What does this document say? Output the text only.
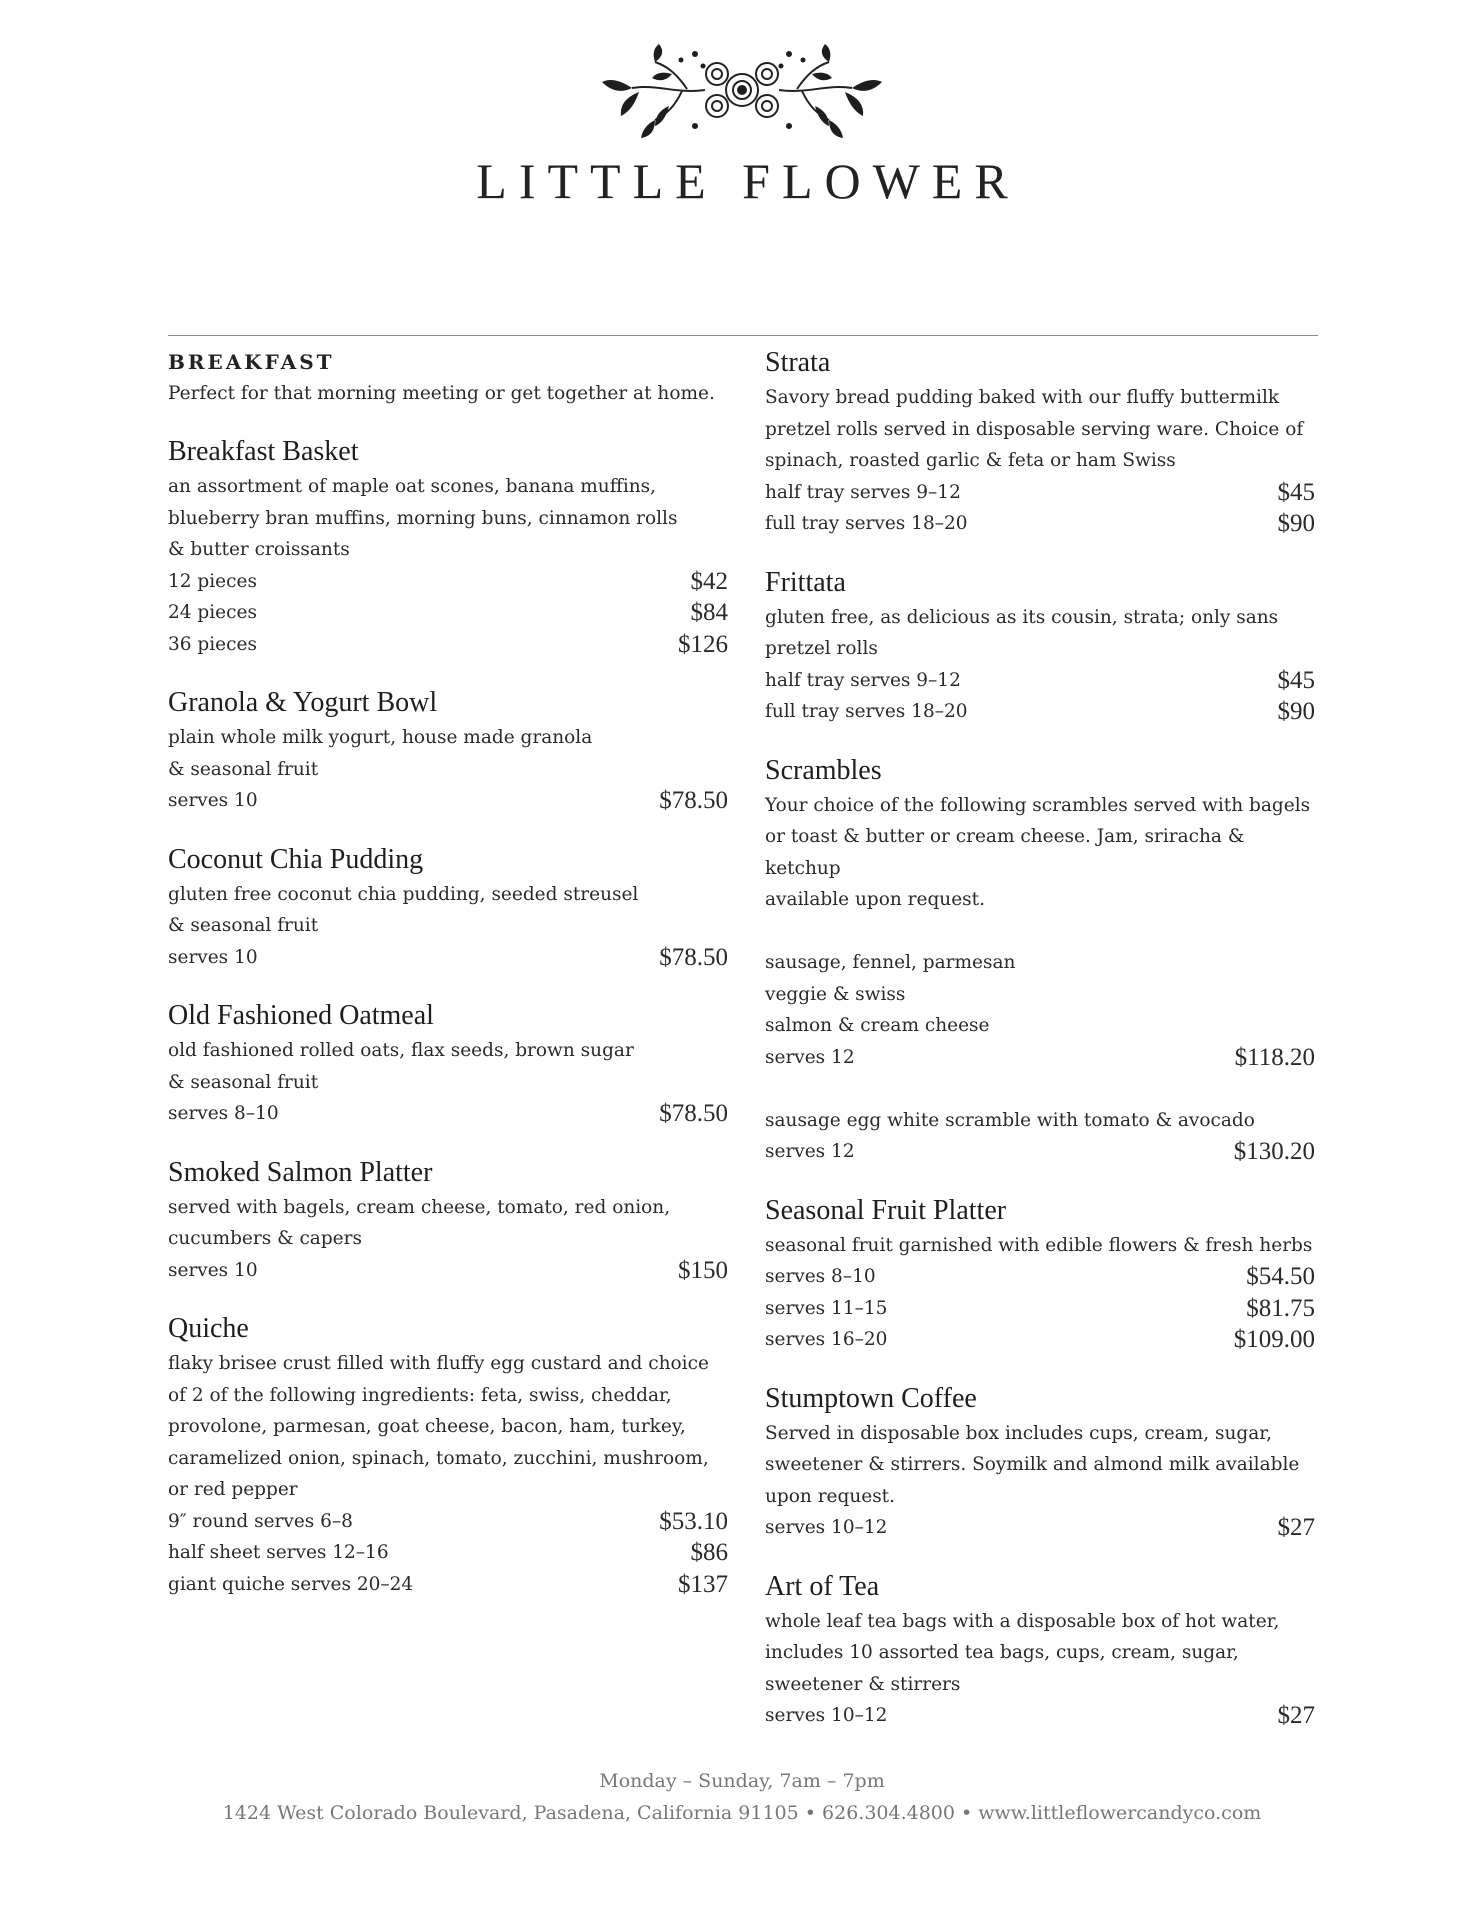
LITTLE FLOWER
BREAKFAST

Perfect for that morning meeting or get together at home.

Breakfast Basket
an assortment of maple oat scones, banana muffins,
blueberry bran muffins, morning buns, cinnamon rolls
& butter croissants
12 pieces	$42
24 pieces	$84
36 pieces	$126
Granola & Yogurt Bowl
plain whole milk yogurt, house made granola
& seasonal fruit
serves 10	$78.50
Coconut Chia Pudding
gluten free coconut chia pudding, seeded streusel
& seasonal fruit
serves 10	$78.50
Old Fashioned Oatmeal
old fashioned rolled oats, flax seeds, brown sugar
& seasonal fruit
serves 8–10	$78.50
Smoked Salmon Platter
served with bagels, cream cheese, tomato, red onion,
cucumbers & capers
serves 10	$150
Quiche
flaky brisee crust filled with fluffy egg custard and choice
of 2 of the following ingredients: feta, swiss, cheddar,
provolone, parmesan, goat cheese, bacon, ham, turkey,
caramelized onion, spinach, tomato, zucchini, mushroom,
or red pepper
9″ round serves 6–8	$53.10
half sheet serves 12–16	$86
giant quiche serves 20–24	$137
Strata
Savory bread pudding baked with our fluffy buttermilk
pretzel rolls served in disposable serving ware. Choice of
spinach, roasted garlic & feta or ham Swiss
half tray serves 9–12	$45
full tray serves 18–20	$90
Frittata
gluten free, as delicious as its cousin, strata; only sans
pretzel rolls
half tray serves 9–12	$45
full tray serves 18–20	$90
Scrambles
Your choice of the following scrambles served with bagels
or toast & butter or cream cheese. Jam, sriracha & ketchup
available upon request.
sausage, fennel, parmesan
veggie & swiss
salmon & cream cheese
serves 12	$118.20
sausage egg white scramble with tomato & avocado
serves 12	$130.20
Seasonal Fruit Platter
seasonal fruit garnished with edible flowers & fresh herbs
serves 8–10	$54.50
serves 11–15	$81.75
serves 16–20	$109.00
Stumptown Coffee
Served in disposable box includes cups, cream, sugar,
sweetener & stirrers. Soymilk and almond milk available
upon request.
serves 10–12	$27
Art of Tea
whole leaf tea bags with a disposable box of hot water,
includes 10 assorted tea bags, cups, cream, sugar,
sweetener & stirrers
serves 10–12	$27
Monday – Sunday, 7am – 7pm
1424 West Colorado Boulevard, Pasadena, California 91105 • 626.304.4800 • www.littleflowercandyco.com
